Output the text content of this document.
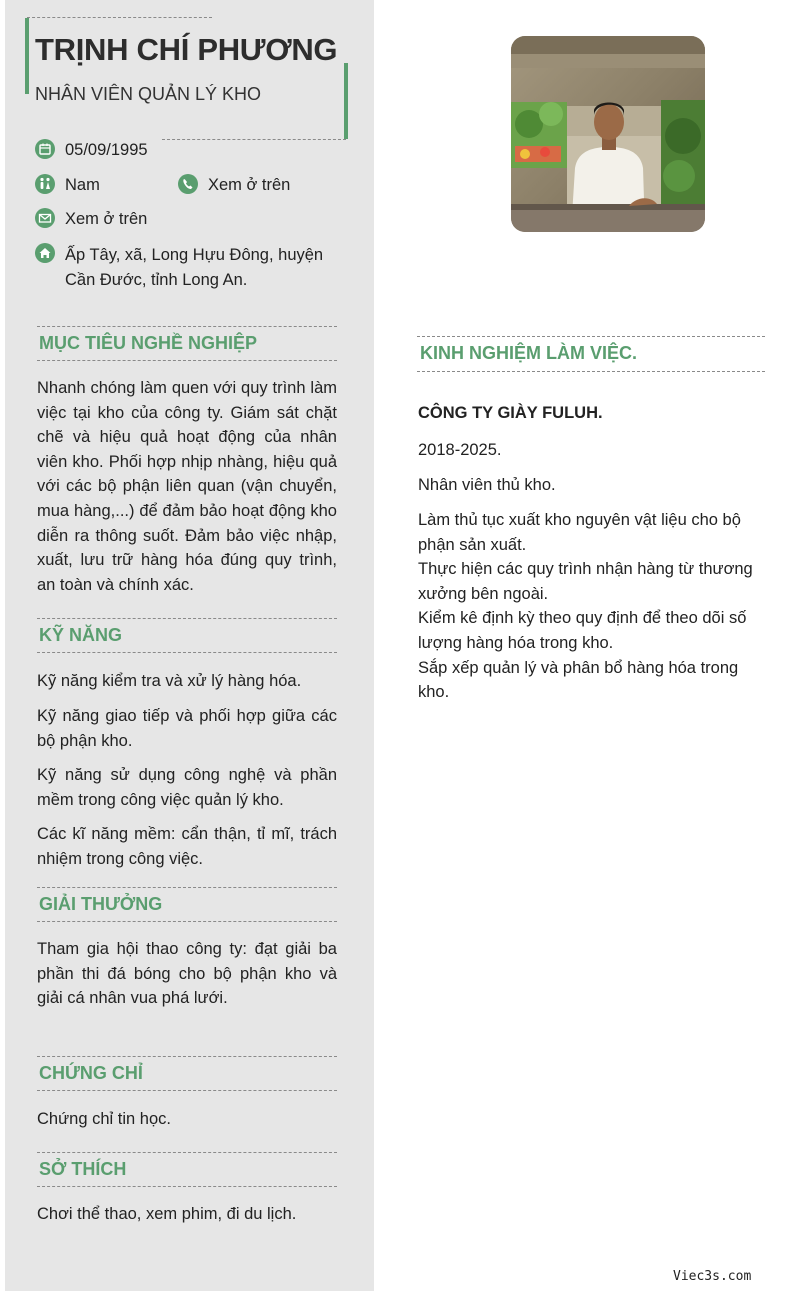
TRỊNH CHÍ PHƯƠNG
NHÂN VIÊN QUẢN LÝ KHO
05/09/1995
Nam	Xem ở trên
Xem ở trên
Ấp Tây, xã, Long Hựu Đông, huyện Cần Đước, tỉnh Long An.
MỤC TIÊU NGHỀ NGHIỆP
Nhanh chóng làm quen với quy trình làm việc tại kho của công ty. Giám sát chặt chẽ và hiệu quả hoạt động của nhân viên kho. Phối hợp nhịp nhàng, hiệu quả với các bộ phận liên quan (vận chuyển, mua hàng,...) để đảm bảo hoạt động kho diễn ra thông suốt. Đảm bảo việc nhập, xuất, lưu trữ hàng hóa đúng quy trình, an toàn và chính xác.
KỸ NĂNG
Kỹ năng kiểm tra và xử lý hàng hóa.
Kỹ năng giao tiếp và phối hợp giữa các bộ phận kho.
Kỹ năng sử dụng công nghệ và phần mềm trong công việc quản lý kho.
Các kĩ năng mềm: cẩn thận, tỉ mĩ, trách nhiệm trong công việc.
GIẢI THƯỞNG
Tham gia hội thao công ty: đạt giải ba phần thi đá bóng cho bộ phận kho và giải cá nhân vua phá lưới.
CHỨNG CHỈ
Chứng chỉ tin học.
SỞ THÍCH
Chơi thể thao, xem phim, đi du lịch.
KINH NGHIỆM LÀM VIỆC.
CÔNG TY GIÀY FULUH.
2018-2025.
Nhân viên thủ kho.
Làm thủ tục xuất kho nguyên vật liệu cho bộ phận sản xuất.
Thực hiện các quy trình nhận hàng từ thương xưởng bên ngoài.
Kiểm kê định kỳ theo quy định để theo dõi số lượng hàng hóa trong kho.
Sắp xếp quản lý và phân bổ hàng hóa trong kho.
Viec3s.com
